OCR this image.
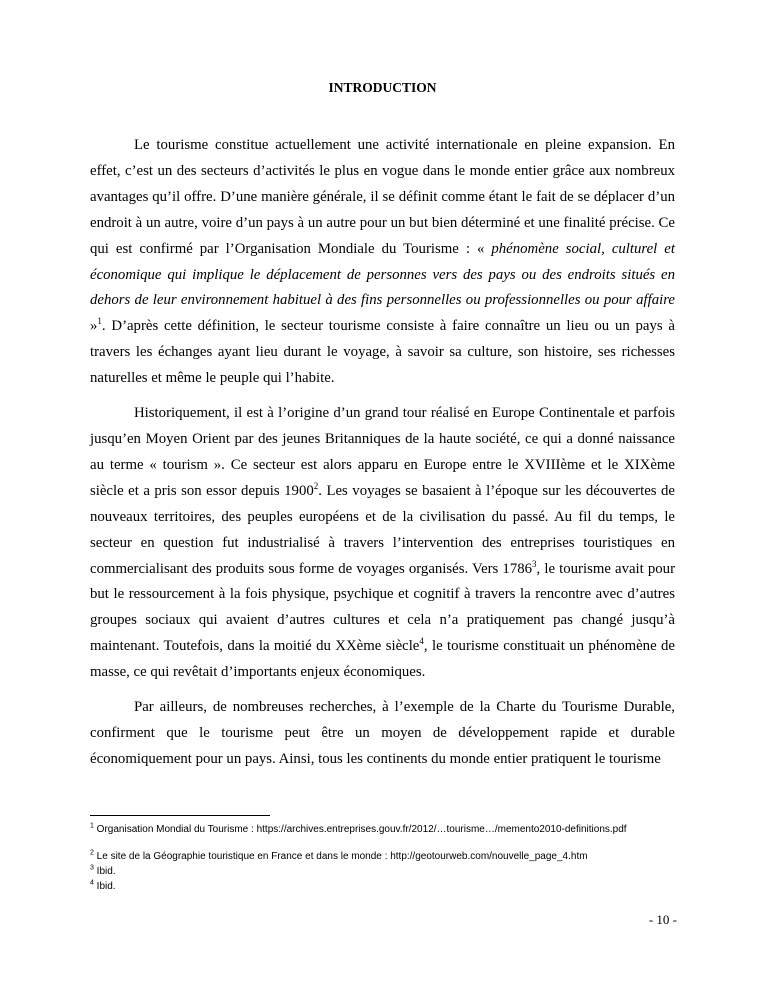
INTRODUCTION

Le tourisme constitue actuellement une activité internationale en pleine expansion. En effet, c’est un des secteurs d’activités le plus en vogue dans le monde entier grâce aux nombreux avantages qu’il offre. D’une manière générale, il se définit comme étant le fait de se déplacer d’un endroit à un autre, voire d’un pays à un autre pour un but bien déterminé et une finalité précise. Ce qui est confirmé par l’Organisation Mondiale du Tourisme : « phénomène social, culturel et économique qui implique le déplacement de personnes vers des pays ou des endroits situés en dehors de leur environnement habituel à des fins personnelles ou professionnelles ou pour affaire »$^1$. D’après cette définition, le secteur tourisme consiste à faire connaître un lieu ou un pays à travers les échanges ayant lieu durant le voyage, à savoir sa culture, son histoire, ses richesses naturelles et même le peuple qui l’habite.

Historiquement, il est à l’origine d’un grand tour réalisé en Europe Continentale et parfois jusqu’en Moyen Orient par des jeunes Britanniques de la haute société, ce qui a donné naissance au terme « tourism ». Ce secteur est alors apparu en Europe entre le XVIIIème et le XIXème siècle et a pris son essor depuis 1900$^2$. Les voyages se basaient à l’époque sur les découvertes de nouveaux territoires, des peuples européens et de la civilisation du passé. Au fil du temps, le secteur en question fut industrialisé à travers l’intervention des entreprises touristiques en commercialisant des produits sous forme de voyages organisés. Vers 1786$^3$, le tourisme avait pour but le ressourcement à la fois physique, psychique et cognitif à travers la rencontre avec d’autres groupes sociaux qui avaient d’autres cultures et cela n’a pratiquement pas changé jusqu’à maintenant. Toutefois, dans la moitié du XXème siècle$^4$, le tourisme constituait un phénomène de masse, ce qui revêtait d’importants enjeux économiques.

Par ailleurs, de nombreuses recherches, à l’exemple de la Charte du Tourisme Durable, confirment que le tourisme peut être un moyen de développement rapide et durable économiquement pour un pays. Ainsi, tous les continents du monde entier pratiquent le tourisme

$^1$ Organisation Mondial du Tourisme : https://archives.entreprises.gouv.fr/2012/…tourisme…/memento2010-definitions.pdf

$^2$ Le site de la Géographie touristique en France et dans le monde : http://geotourweb.com/nouvelle_page_4.htm

$^3$ Ibid.

$^4$ Ibid.

- 10 -
